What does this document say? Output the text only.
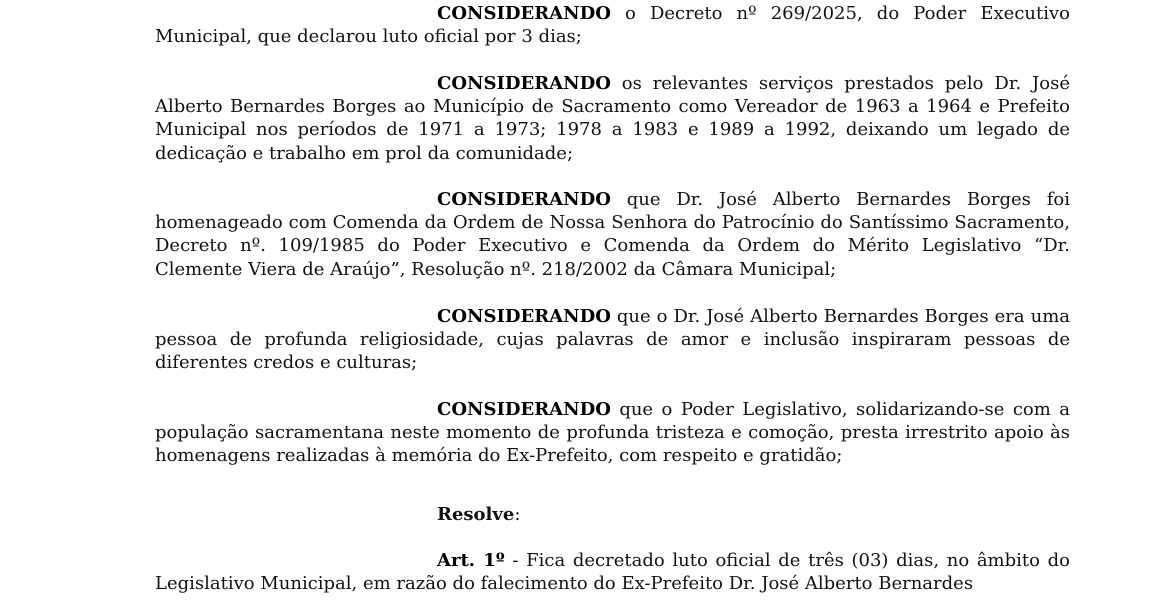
CONSIDERANDO o Decreto nº 269/2025, do Poder Executivo Municipal, que declarou luto oficial por 3 dias;

CONSIDERANDO os relevantes serviços prestados pelo Dr. José Alberto Bernardes Borges ao Município de Sacramento como Vereador de 1963 a 1964 e Prefeito Municipal nos períodos de 1971 a 1973; 1978 a 1983 e 1989 a 1992, deixando um legado de dedicação e trabalho em prol da comunidade;

CONSIDERANDO que Dr. José Alberto Bernardes Borges foi homenageado com Comenda da Ordem de Nossa Senhora do Patrocínio do Santíssimo Sacramento, Decreto nº. 109/1985 do Poder Executivo e Comenda da Ordem do Mérito Legislativo “Dr. Clemente Viera de Araújo”, Resolução nº. 218/2002 da Câmara Municipal;

CONSIDERANDO que o Dr. José Alberto Bernardes Borges era uma pessoa de profunda religiosidade, cujas palavras de amor e inclusão inspiraram pessoas de diferentes credos e culturas;

CONSIDERANDO que o Poder Legislativo, solidarizando-se com a população sacramentana neste momento de profunda tristeza e comoção, presta irrestrito apoio às homenagens realizadas à memória do Ex-Prefeito, com respeito e gratidão;

Resolve:

Art. 1º - Fica decretado luto oficial de três (03) dias, no âmbito do Legislativo Municipal, em razão do falecimento do Ex-Prefeito Dr. José Alberto Bernardes
